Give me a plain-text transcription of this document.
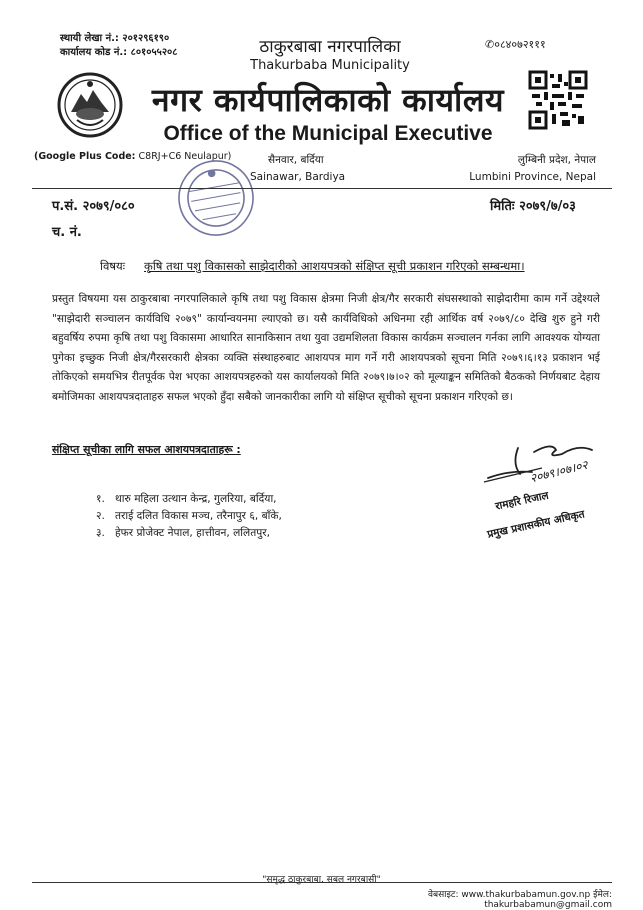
स्थायी लेखा नं.: २०१२९६१९०
कार्यालय कोड नं.: ८०१०५५२०८	ठाकुरबाबा नगरपालिका
Thakurbaba Municipality
✆०८४०७२१११
नगर कार्यपालिकाको कार्यालय
Office of the Municipal Executive
(Google Plus Code: C8RJ+C6 Neulapur)	सैनवार, बर्दिया
Sainawar, Bardiya
लुम्बिनी प्रदेश, नेपाल
Lumbini Province, Nepal
प.सं. २०७९/०८०	मितिः २०७९/७/०३
च. नं.
विषयः कृषि तथा पशु विकासको साझेदारीको आशयपत्रको संक्षिप्त सूची प्रकाशन गरिएको सम्बन्धमा।
प्रस्तुत विषयमा यस ठाकुरबाबा नगरपालिकाले कृषि तथा पशु विकास क्षेत्रमा निजी क्षेत्र/गैर सरकारी संघसस्थाको साझेदारीमा काम गर्ने उद्देश्यले "साझेदारी सञ्चालन कार्यविधि २०७९" कार्यान्वयनमा ल्याएको छ। यसै कार्यविधिको अधिनमा रही आर्थिक वर्ष २०७९/८० देखि शुरु हुने गरी बहुवर्षिय रुपमा कृषि तथा पशु विकासमा आधारित सानाकिसान तथा युवा उद्यमशिलता विकास कार्यक्रम सञ्चालन गर्नका लागि आवश्यक योग्यता पुगेका इच्छुक निजी क्षेत्र/गैरसरकारी क्षेत्रका व्यक्ति संस्थाहरुबाट आशयपत्र माग गर्ने गरी आशयपत्रको सूचना मिति २०७९।६।१३ प्रकाशन भई तोकिएको समयभित्र रीतपूर्वक पेश भएका आशयपत्रहरुको यस कार्यालयको मिति २०७९।७।०२ को मूल्याङ्कन समितिको बैठकको निर्णयबाट देहाय बमोजिमका आशयपत्रदाताहरु सफल भएको हुँदा सबैको जानकारीका लागि यो संक्षिप्त सूचीको सूचना प्रकाशन गरिएको छ।
संक्षिप्त सूचीका लागि सफल आशयपत्रदाताहरू :
१. थारु महिला उत्थान केन्द्र, गुलरिया, बर्दिया,
२. तराई दलित विकास मञ्च, तरैनापुर ६, बाँके,
३. हेफर प्रोजेक्ट नेपाल, हात्तीवन, ललितपुर,
२०७९।०७।०२
रामहरि रिजाल
प्रमुख प्रशासकीय अधिकृत
"समृद्ध ठाकुरबाबा, सबल नगरबासी"
वेबसाइट: www.thakurbabamun.gov.np ईमेल: thakurbabamun@gmail.com
